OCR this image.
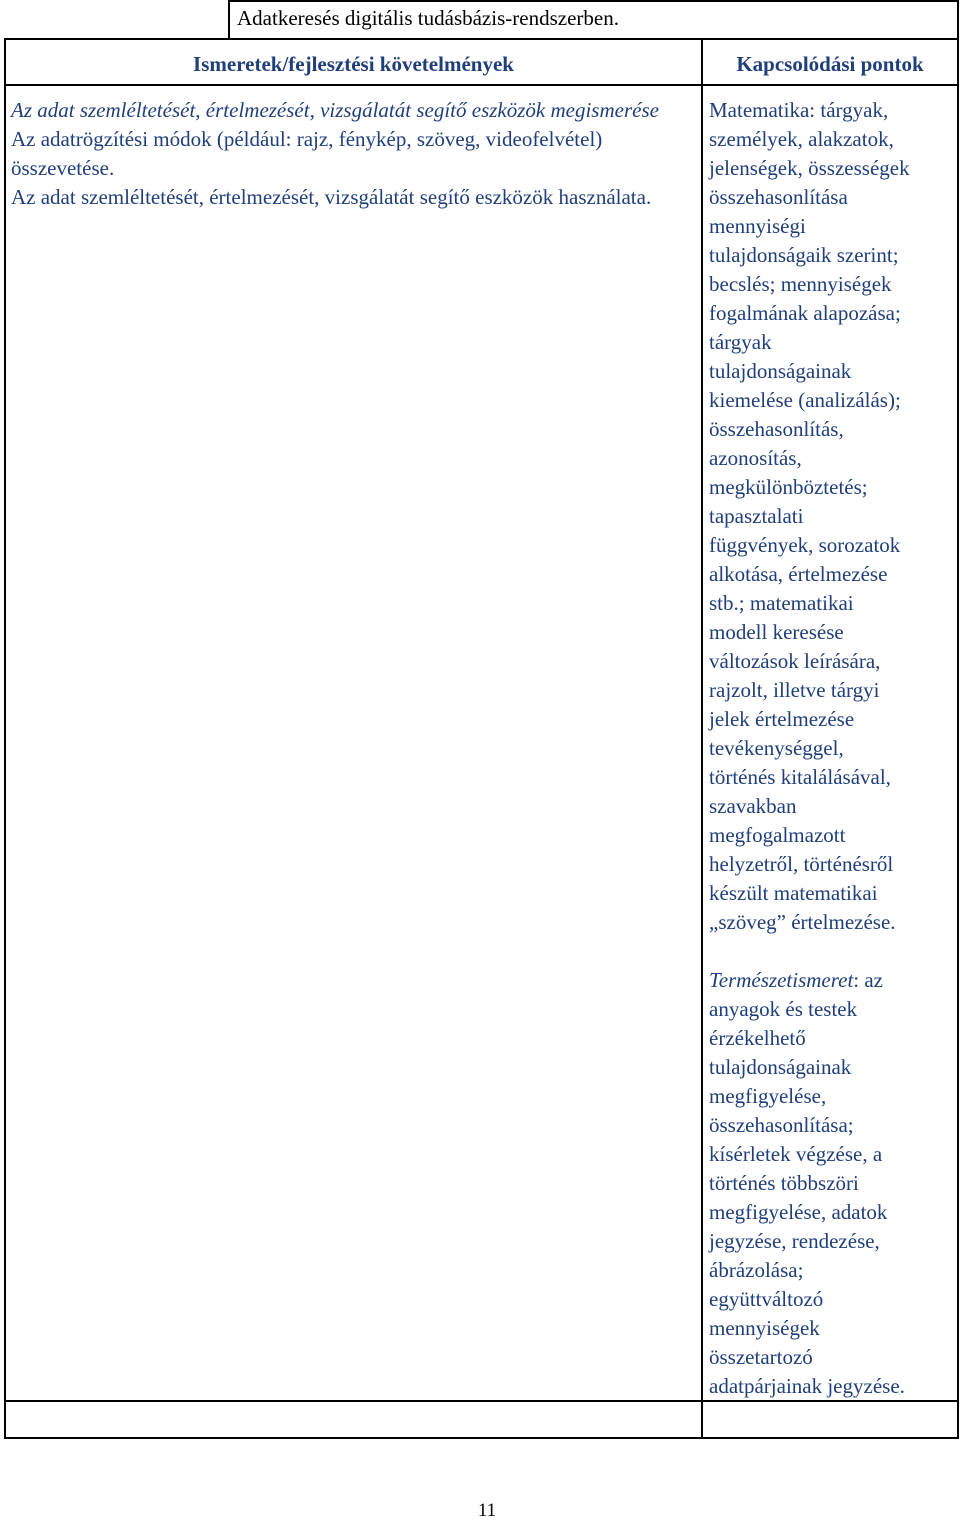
Adatkeresés digitális tudásbázis-rendszerben.
Ismeretek/fejlesztési követelmények	Kapcsolódási pontok
Az adat szemléltetését, értelmezését, vizsgálatát segítő eszközök megismerése
Az adatrögzítési módok (például: rajz, fénykép, szöveg, videofelvétel) összevetése.
Az adat szemléltetését, értelmezését, vizsgálatát segítő eszközök használata.

Matematika: tárgyak,

személyek, alakzatok,

jelenségek, összességek

összehasonlítása

mennyiségi

tulajdonságaik szerint;

becslés; mennyiségek

fogalmának alapozása;

tárgyak

tulajdonságainak

kiemelése (analizálás);

összehasonlítás,

azonosítás,

megkülönböztetés;

tapasztalati

függvények, sorozatok

alkotása, értelmezése

stb.; matematikai

modell keresése

változások leírására,

rajzolt, illetve tárgyi

jelek értelmezése

tevékenységgel,

történés kitalálásával,

szavakban

megfogalmazott

helyzetről, történésről

készült matematikai

„szöveg” értelmezése.

Természetismeret: az

anyagok és testek

érzékelhető

tulajdonságainak

megfigyelése,

összehasonlítása;

kísérletek végzése, a

történés többszöri

megfigyelése, adatok

jegyzése, rendezése,

ábrázolása;

együttváltozó

mennyiségek

összetartozó

adatpárjainak jegyzése.

11
